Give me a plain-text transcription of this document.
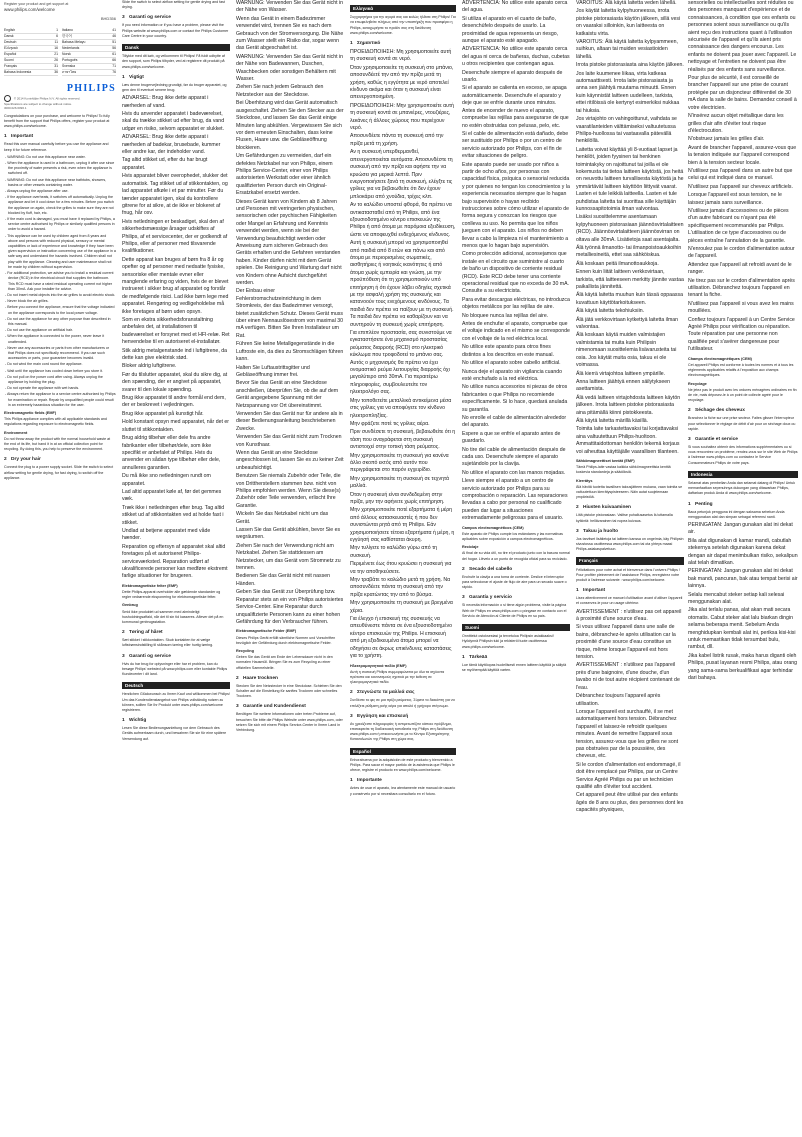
Register your product and get support at
www.philips.com/welcome
BHD356
English	1 Italiano	41
Dansk	6 한국어	46
Deutsch	11 Bahasa Melayu	51
Ελληνικά	16 Nederlands	56
Español	21 Norsk	61
Suomi	26 Português	66
Français	31 Svenska	71
Bahasa Indonesia	36 ภาษาไทย	76
PHILIPS
© 2014 Koninklijke Philips N.V. All rights reserved.
Specifications are subject to change without notice.
3000.026.6096.1
Congratulations on your purchase, and welcome to Philips! To fully benefit from the support that Philips offers, register your product at www.philips.com/welcome.
1 Important
Read this user manual carefully before you use the appliance and keep it for future reference.
- WARNING: Do not use this appliance near water.
- When the appliance is used in a bathroom, unplug it after use since the proximity of water presents a risk, even when the appliance is switched off.
- WARNING: Do not use this appliance near bathtubs, showers, basins or other vessels containing water.
- Always unplug the appliance after use.
- If the appliance overheats, it switches off automatically. Unplug the appliance and let it cool down for a few minutes. Before you switch the appliance on again, check the grilles to make sure they are not blocked by fluff, hair, etc.
- If the main cord is damaged, you must have it replaced by Philips, a service centre authorised by Philips or similarly qualified persons in order to avoid a hazard.
- This appliance can be used by children aged from 8 years and above and persons with reduced physical, sensory or mental capabilities or lack of experience and knowledge if they have been given supervision or instruction concerning use of the appliance in a safe way and understand the hazards involved. Children shall not play with the appliance. Cleaning and user maintenance shall not be made by children without supervision.
- For additional protection, we advise you to install a residual current device (RCD) in the electrical circuit that supplies the bathroom. This RCD must have a rated residual operating current not higher than 30mA. Ask your installer for advice.
- Do not insert metal objects into the air grilles to avoid electric shock.
- Never block the air grilles.
- Before you connect the appliance, ensure that the voltage indicated on the appliance corresponds to the local power voltage.
- Do not use the appliance for any other purpose than described in this manual.
- Do not use the appliance on artificial hair.
- When the appliance is connected to the power, never leave it unattended.
- Never use any accessories or parts from other manufacturers or that Philips does not specifically recommend. If you use such accessories or parts, your guarantee becomes invalid.
- Do not wind the main cord round the appliance.
- Wait until the appliance has cooled down before you store it.
- Do not pull on the power cord after using. Always unplug the appliance by holding the plug.
- Do not operate the appliance with wet hands.
- Always return the appliance to a service centre authorized by Philips for examination or repair. Repair by unqualified people could result in an extremely hazardous situation for the user.
Electromagnetic fields (EMF)
This Philips appliance complies with all applicable standards and regulations regarding exposure to electromagnetic fields.
Environment
Do not throw away the product with the normal household waste at the end of its life, but hand it in at an official collection point for recycling. By doing this, you help to preserve the environment.
2 Dry your hair
Connect the plug to a power supply socket. Slide the switch to select airflow setting for gentle drying, for fast drying, to switch off the appliance.
Slide the switch to select airflow setting for gentle drying and fast drying.
3 Garanti og service
If you need information or if you have a problem, please visit the Philips website at www.philips.com or contact the Philips Customer Care Centre in your country.
Dansk
Tillykke med dit køb, og velkommen til Philips! Få fuldt udbytte af den support, som Philips tilbyder, ved at registrere dit produkt på www.philips.com/welcome.
1 Vigtigt
Læs denne brugervejledning grundigt, før du bruger apparatet, og gem den til eventuel senere brug.
ADVARSEL: Brug ikke dette apparat i nærheden af vand.
Hvis du anvender apparatet i badeværelset, skal du trække stikket ud efter brug, da vand udgør en risiko, selvom apparatet er slukket.
ADVARSEL: Brug ikke dette apparat i nærheden af badekar, brusebade, kummer eller andre kar, der indeholder vand.
Tag altid stikket ud, efter du har brugt apparatet.
Hvis apparatet bliver overophedet, slukker det automatisk. Tag stikket ud af stikkontakten, og lad apparatet afkøle i et par minutter. Før du tænder apparatet igen, skal du kontrollere gitrene for at sikre, at de ikke er blokeret af fnug, hår osv.
Hvis netledningen er beskadiget, skal den af sikkerhedsmæssige årsager udskiftes af Philips, af et servicecenter, der er godkendt af Philips, eller af personer med tilsvarende kvalifikationer.
Dette apparat kan bruges af børn fra 8 år og opefter og af personer med nedsatte fysiske, sensoriske eller mentale evner eller manglende erfaring og viden, hvis de er blevet instrueret i sikker brug af apparatet og forstår de medfølgende risici. Lad ikke børn lege med apparatet. Rengøring og vedligeholdelse må ikke foretages af børn uden opsyn.
Som en ekstra sikkerhedsforanstaltning anbefales det, at installationen til badeværelset er forsynet med et HFI-relæ. Ret henvendelse til en autoriseret el-installatør.
Stik aldrig metalgenstande ind i luftgitrene, da dette kan give elektrisk stød.
Bloker aldrig luftgitrene.
Før du tilslutter apparatet, skal du sikre dig, at den spænding, der er angivet på apparatet, svarer til den lokale spænding.
Brug ikke apparatet til andre formål end dem, der er beskrevet i vejledningen.
Brug ikke apparatet på kunstigt hår.
Hold konstant opsyn med apparatet, når det er sluttet til stikkontakten.
Brug aldrig tilbehør eller dele fra andre fabrikanter eller tilbehør/dele, som ikke specifikt er anbefalet af Philips. Hvis du anvender en sådan type tilbehør eller dele, annulleres garantien.
Du må ikke sno netledningen rundt om apparatet.
Lad altid apparatet køle af, før det gemmes væk.
Træk ikke i netledningen efter brug. Tag altid stikket ud af stikkontakten ved at holde fast i stikket.
Undlad at betjene apparatet med våde hænder.
Reparation og eftersyn af apparatet skal altid foretages på et autoriseret Philips-serviceværksted. Reparation udført af ukvalificerede personer kan medføre ekstremt farlige situationer for brugeren.
Elektromagnetiske felter (EMF)
Dette Philips-apparat overholder alle gældende standarder og regler vedrørende eksponering for elektromagnetiske felter.
Genbrug
Smid ikke produktet ud sammen med almindeligt husholdningsaffald, når det til sin tid kasseres. Aflever det på en kommunal genbrugsstation.
2 Tøring af håret
Sæt stikket i stikkontakten. Skub kontakten for at vælge luftstrømsindstilling til skånsom tørring eller hurtig tørring.
3 Garanti og service
Hvis du har brug for oplysninger eller har et problem, kan du besøge Philips' websted på www.philips.com eller kontakte Philips Kundecenter i dit land.
Deutsch
Herzlichen Glückwunsch zu Ihrem Kauf und willkommen bei Philips! Um das Kundendienstangebot von Philips vollständig nutzen zu können, sollten Sie Ihr Produkt unter www.philips.com/welcome registrieren.
1 Wichtig
Lesen Sie diese Bedienungsanleitung vor dem Gebrauch des Geräts aufmerksam durch, und bewahren Sie sie für eine spätere Verwendung auf.
WARNUNG: Verwenden Sie das Gerät nicht in der Nähe von Wasser.
Wenn das Gerät in einem Badezimmer verwendet wird, trennen Sie es nach dem Gebrauch von der Stromversorgung. Die Nähe zum Wasser stellt ein Risiko dar, sogar wenn das Gerät abgeschaltet ist.
WARNUNG: Verwenden Sie das Gerät nicht in der Nähe von Badewannen, Duschen, Waschbecken oder sonstigen Behältern mit Wasser.
Ziehen Sie nach jedem Gebrauch den Netzstecker aus der Steckdose.
Bei Überhitzung wird das Gerät automatisch ausgeschaltet. Ziehen Sie den Stecker aus der Steckdose, und lassen Sie das Gerät einige Minuten lang abkühlen. Vergewissern Sie sich vor dem erneuten Einschalten, dass keine Flusen, Haare usw. die Gebläseöffnung blockieren.
Um Gefährdungen zu vermeiden, darf ein defektes Netzkabel nur von Philips, einem Philips Service-Center, einer von Philips autorisierten Werkstatt oder einer ähnlich qualifizierten Person durch ein Original-Ersatzkabel ersetzt werden.
Dieses Gerät kann von Kindern ab 8 Jahren und Personen mit verringerten physischen, sensorischen oder psychischen Fähigkeiten oder Mangel an Erfahrung und Kenntnis verwendet werden, wenn sie bei der Verwendung beaufsichtigt werden oder Anweisung zum sicheren Gebrauch des Geräts erhalten und die Gefahren verstanden haben. Kinder dürfen nicht mit dem Gerät spielen. Die Reinigung und Wartung darf nicht von Kindern ohne Aufsicht durchgeführt werden.
Der Einbau einer Fehlerstromschutzeinrichtung in dem Stromkreis, der das Badezimmer versorgt, bietet zusätzlichen Schutz. Dieses Gerät muss über einen Nennauslösestrom von maximal 30 mA verfügen. Bitten Sie Ihren Installateur um Rat.
Führen Sie keine Metallgegenstände in die Luftroste ein, da dies zu Stromschlägen führen kann.
Halten Sie Luftaustrittsgitter und Gebläseöffnung immer frei.
Bevor Sie das Gerät an eine Steckdose anschließen, überprüfen Sie, ob die auf dem Gerät angegebene Spannung mit der Netzspannung vor Ort übereinstimmt.
Verwenden Sie das Gerät nur für andere als in dieser Bedienungsanleitung beschriebenen Zwecke.
Verwenden Sie das Gerät nicht zum Trocknen von Kunsthaar.
Wenn das Gerät an eine Steckdose angeschlossen ist, lassen Sie es zu keiner Zeit unbeaufsichtigt.
Benutzen Sie niemals Zubehör oder Teile, die von Drittherstellern stammen bzw. nicht von Philips empfohlen werden. Wenn Sie diese(s) Zubehör oder Teile verwenden, erlischt Ihre Garantie.
Wickeln Sie das Netzkabel nicht um das Gerät.
Lassen Sie das Gerät abkühlen, bevor Sie es wegräumen.
Ziehen Sie nach der Verwendung nicht am Netzkabel. Ziehen Sie stattdessen am Netzstecker, um das Gerät vom Stromnetz zu trennen.
Bedienen Sie das Gerät nicht mit nassen Händen.
Geben Sie das Gerät zur Überprüfung bzw. Reparatur stets an ein von Philips autorisiertes Service-Center. Eine Reparatur durch unqualifizierte Personen kann zu einer hohen Gefährdung für den Verbraucher führen.
Elektromagnetische Felder (EMF)
Dieses Philips Gerät erfüllt sämtliche Normen und Vorschriften bezüglich der Gefährdung durch elektromagnetische Felder.
Recycling
Geben Sie das Gerät am Ende der Lebensdauer nicht in den normalen Hausmüll. Bringen Sie es zum Recycling zu einer offiziellen Sammelstelle.
2 Haare trocknen
Stecken Sie den Netzstecker in eine Steckdose. Schieben Sie den Schalter auf die Einstellung für sanftes Trocknen oder schnelles Trocknen.
3 Garantie und Kundendienst
Benötigen Sie weitere Informationen oder treten Probleme auf, besuchen Sie bitte die Philips Website unter www.philips.com, oder setzen Sie sich mit einem Philips Service-Center in Ihrem Land in Verbindung.
Ελληνικά
Συγχαρητήρια για την αγορά σας και καλώς ήλθατε στη Philips! Για να επωφεληθείτε πλήρως από την υποστήριξη που προσφέρει η Philips, καταχωρήστε το προϊόν σας στη διεύθυνση www.philips.com/welcome.
1 Σημαντικό
ΠΡΟΕΙΔΟΠΟΙΗΣΗ: Μη χρησιμοποιείτε αυτή τη συσκευή κοντά σε νερό.
Όταν χρησιμοποιείτε τη συσκευή στο μπάνιο, αποσυνδέετέ την από την πρίζα μετά τη χρήση, καθώς η εγγύτητα με νερό αποτελεί κίνδυνο ακόμα και όταν η συσκευή είναι απενεργοποιημένη.
ΠΡΟΕΙΔΟΠΟΙΗΣΗ: Μην χρησιμοποιείτε αυτή τη συσκευή κοντά σε μπανιέρες, ντουζιέρες, λεκάνες ή άλλους χώρους που περιέχουν νερό.
Αποσυνδέετε πάντα τη συσκευή από την πρίζα μετά τη χρήση.
Αν η συσκευή υπερθερμανθεί, απενεργοποιείται αυτόματα. Αποσυνδέστε τη συσκευή από την πρίζα και αφήστε την να κρυώσει για μερικά λεπτά. Πριν ενεργοποιήσετε ξανά τη συσκευή, ελέγξτε τις γρίλιες για να βεβαιωθείτε ότι δεν έχουν μπλοκάρει από χνούδια, τρίχες κλπ.
Αν το καλώδιο υποστεί φθορά, θα πρέπει να αντικατασταθεί από τη Philips, από ένα εξουσιοδοτημένο κέντρο επισκευών της Philips ή από άτομα με παρόμοια εξειδίκευση, ώστε να αποφευχθεί ενδεχόμενος κίνδυνος.
Αυτή η συσκευή μπορεί να χρησιμοποιηθεί από παιδιά από 8 ετών και πάνω και από άτομα με περιορισμένες σωματικές, αισθητήριες ή νοητικές ικανότητες ή από άτομα χωρίς εμπειρία και γνώση, με την προϋπόθεση ότι τη χρησιμοποιούν υπό επιτήρηση ή ότι έχουν λάβει οδηγίες σχετικά με την ασφαλή χρήση της συσκευής και κατανοούν τους ενεχόμενους κινδύνους. Τα παιδιά δεν πρέπει να παίζουν με τη συσκευή. Τα παιδιά δεν πρέπει να καθαρίζουν και να συντηρούν τη συσκευή χωρίς επιτήρηση.
Για επιπλέον προστασία, σας συνιστούμε να εγκαταστήσετε ένα μηχανισμό προστασίας ρεύματος διαρροής (RCD) στο ηλεκτρικό κύκλωμα που τροφοδοτεί το μπάνιο σας. Αυτός ο μηχανισμός θα πρέπει να έχει ονομαστικό ρεύμα λειτουργίας διαρροής όχι μεγαλύτερο από 30mA. Για περαιτέρω πληροφορίες, συμβουλευτείτε τον ηλεκτρολόγο σας.
Μην τοποθετείτε μεταλλικά αντικείμενα μέσα στις γρίλιες για να αποφύγετε τον κίνδυνο ηλεκτροπληξίας.
Μην φράζετε ποτέ τις γρίλιες αέρα.
Πριν συνδέσετε τη συσκευή, βεβαιωθείτε ότι η τάση που αναγράφεται στη συσκευή αντιστοιχεί στην τοπική τάση ρεύματος.
Μην χρησιμοποιείτε τη συσκευή για κανένα άλλο σκοπό εκτός από αυτόν που περιγράφεται στο παρόν εγχειρίδιο.
Μην χρησιμοποιείτε τη συσκευή σε τεχνητά μαλλιά.
Όταν η συσκευή είναι συνδεδεμένη στην πρίζα, μην την αφήνετε χωρίς επιτήρηση.
Μην χρησιμοποιείτε ποτέ εξαρτήματα ή μέρη από άλλους κατασκευαστές ή που δεν συνιστώνται ρητά από τη Philips. Εάν χρησιμοποιήσετε τέτοια εξαρτήματα ή μέρη, η εγγύησή σας καθίσταται άκυρη.
Μην τυλίγετε το καλώδιο γύρω από τη συσκευή.
Περιμένετε έως ότου κρυώσει η συσκευή για να την αποθηκεύσετε.
Μην τραβάτε το καλώδιο μετά τη χρήση. Να αποσυνδέετε πάντα τη συσκευή από την πρίζα κρατώντας την από το βύσμα.
Μην χρησιμοποιείτε τη συσκευή με βρεγμένα χέρια.
Για έλεγχο ή επισκευή της συσκευής να απευθύνεστε πάντα σε ένα εξουσιοδοτημένο κέντρο επισκευών της Philips. Η επισκευή από μη εξειδικευμένα άτομα μπορεί να οδηγήσει σε άκρως επικίνδυνες καταστάσεις για το χρήστη.
Ηλεκτρομαγνητικά πεδία (EMF)
Αυτή η συσκευή Philips συμμορφώνεται με όλα τα ισχύοντα πρότυπα και κανονισμούς σχετικά με την έκθεση σε ηλεκτρομαγνητικά πεδία.
2 Στεγνώστε τα μαλλιά σας
Συνδέστε το φις σε μια πρίζα ρεύματος. Σύρετε το διακόπτη για να επιλέξετε ρύθμιση ροής αέρα για απαλό ή γρήγορο στέγνωμα.
3 Εγγύηση και επισκευή
Αν χρειάζεστε πληροφορίες ή αντιμετωπίζετε κάποιο πρόβλημα, επισκεφτείτε τη διαδικτυακή τοποθεσία της Philips στη διεύθυνση www.philips.com ή επικοινωνήστε με το Κέντρο Εξυπηρέτησης Καταναλωτών της Philips στη χώρα σας.
Español
Enhorabuena por la adquisición de este producto y bienvenido a Philips. Para sacar el mayor partido de la asistencia que Philips le ofrece, registre el producto en www.philips.com/welcome.
1 Importante
Antes de usar el aparato, lea atentamente este manual de usuario y consérvelo por si necesitara consultarlo en el futuro.
ADVERTENCIA: No utilice este aparato cerca del agua.
Si utiliza el aparato en el cuarto de baño, desenchúfelo después de usarlo. La proximidad de agua representa un riesgo, aunque el aparato esté apagado.
ADVERTENCIA: No utilice este aparato cerca del agua ni cerca de bañeras, duchas, cubetas u otros recipientes que contengan agua.
Desenchufe siempre el aparato después de usarlo.
Si el aparato se calienta en exceso, se apaga automáticamente. Desenchufe el aparato y deje que se enfríe durante unos minutos. Antes de encender de nuevo el aparato, compruebe las rejillas para asegurarse de que no estén obstruidas con pelusas, pelo, etc.
Si el cable de alimentación está dañado, debe ser sustituido por Philips o por un centro de servicio autorizado por Philips, con el fin de evitar situaciones de peligro.
Este aparato puede ser usado por niños a partir de ocho años, por personas con capacidad física, psíquica o sensorial reducida y por quienes no tengan los conocimientos y la experiencia necesarios siempre que lo hagan bajo supervisión o hayan recibido instrucciones sobre cómo utilizar el aparato de forma segura y conozcan los riesgos que conlleva su uso. No permita que los niños jueguen con el aparato. Los niños no deben llevar a cabo la limpieza ni el mantenimiento a menos que lo hagan bajo supervisión.
Como protección adicional, aconsejamos que instale en el circuito que suministre al cuarto de baño un dispositivo de corriente residual (RCD). Este RCD debe tener una corriente operacional residual que no exceda de 30 mA. Consulte a su electricista.
Para evitar descargas eléctricas, no introduzca objetos metálicos por las rejillas de aire.
No bloquee nunca las rejillas del aire.
Antes de enchufar el aparato, compruebe que el voltaje indicado en el mismo se corresponde con el voltaje de la red eléctrica local.
No utilice este aparato para otros fines distintos a los descritos en este manual.
No utilice el aparato sobre cabello artificial.
Nunca deje el aparato sin vigilancia cuando esté enchufado a la red eléctrica.
No utilice nunca accesorios ni piezas de otros fabricantes o que Philips no recomiende específicamente. Si lo hace, quedará anulada su garantía.
No enrolle el cable de alimentación alrededor del aparato.
Espere a que se enfríe el aparato antes de guardarlo.
No tire del cable de alimentación después de cada uso. Desenchufe siempre el aparato sujetándolo por la clavija.
No utilice el aparato con las manos mojadas.
Lleve siempre el aparato a un centro de servicio autorizado por Philips para su comprobación o reparación. Las reparaciones llevadas a cabo por personal no cualificado pueden dar lugar a situaciones extremadamente peligrosas para el usuario.
Campos electromagnéticos (CEM)
Este aparato de Philips cumple los estándares y las normativas aplicables sobre exposición a campos electromagnéticos.
Reciclaje
Al final de su vida útil, no tire el producto junto con la basura normal del hogar. Llévelo a un punto de recogida oficial para su reciclado.
2 Secado del cabello
Enchufe la clavija a una toma de corriente. Deslice el interruptor para seleccionar el ajuste de flujo de aire para un secado suave o rápido.
3 Garantía y servicio
Si necesita información o si tiene algún problema, visite la página Web de Philips en www.philips.com o póngase en contacto con el Servicio de Atención al Cliente de Philips en su país.
Suomi
Onnittelut ostoksestasi ja tervetuloa Philipsin asiakkaaksi! Hyödynnä Philipsin tuki ja rekisteröi tuote osoitteessa www.philips.com/welcome.
1 Tärkeää
Lue tämä käyttöopas huolellisesti ennen laitteen käyttöä ja säilytä se myöhempää käyttöä varten.
VAROITUS: Älä käytä laitetta veden lähellä.
Jos käytät laitetta kylpyhuoneessa, irrota pistoke pistorasiasta käytön jälkeen, sillä vesi on vaaraksi silloinkin, kun laitteesta on katkaistu virta.
VAROITUS: Älä käytä laitetta kylpyammeen, suihkun, altaan tai muiden vesiastioiden lähellä.
Irrota pistoke pistorasiasta aina käytön jälkeen.
Jos laite kuumenee liikaa, virta katkeaa automaattisesti. Irrota laite pistorasiasta ja anna sen jäähtyä muutama minuutti. Ennen kuin käynnistät laitteen uudelleen, tarkista, ettei ritilöissä ole kertynyt esimerkiksi nukkaa tai hiuksia.
Jos virtajohto on vahingoittunut, vaihdata se vaaratilanteiden välttämiseksi valtuutetussa Philips-huollossa tai vastaavalla pätevällä henkilöllä.
Laitetta voivat käyttää yli 8-vuotiaat lapset ja henkilöt, joiden fyysinen tai henkinen toimintakyky on rajoittunut tai joilla ei ole kokemusta tai tietoa laitteen käytöstä, jos heitä on neuvottu laitteen turvallisesta käytöstä ja he ymmärtävät laitteen käyttöön liittyvät vaarat. Lasten ei tule leikkiä laitteella. Lasten ei tule puhdistaa laitetta tai suorittaa sille käyttäjän kunnossapitotoimia ilman valvontaa.
Lisäksi suosittelemme asentamaan kylpyhuoneen pistorasiaan jäännösvirtalaitteen (RCD). Jäännösvirtalaitteen jäännösvirran on oltava alle 30mA. Lisätietoja saat asentajalta.
Älä työnnä ilmanotto- tai ilmanpoistoaukkoihin metalliesineitä, ettet saa sähköiskua.
Älä koskaan peitä ilmanottoaukkoja.
Ennen kuin liität laitteen verkkovirtaan, tarkista, että laitteeseen merkitty jännite vastaa paikallista jännitettä.
Älä käytä laitetta muuhun kuin tässä oppaassa kuvattuun käyttötarkoitukseen.
Älä käytä laitetta tekohiuksiin.
Älä jätä verkkovirtaan kytkettyä laitetta ilman valvontaa.
Älä koskaan käytä muiden valmistajien valmistamia tai muita kuin Philipsin nimenomaan suosittelemia lisävarusteita tai osia. Jos käytät muita osia, takuu ei ole voimassa.
Älä kierrä virtajohtoa laitteen ympärille.
Anna laitteen jäähtyä ennen säilytykseen asettamista.
Älä vedä laitteen virtajohdosta laitteen käytön jälkeen. Irrota laitteen pistoke pistorasiasta aina pitämällä kiinni pistokkeesta.
Älä käytä laitetta märillä käsillä.
Toimita laite tarkastettavaksi tai korjattavaksi aina valtuutettuun Philips-huoltoon. Ammattitaidottoman henkilön tekemä korjaus voi aiheuttaa käyttäjälle vaarallisen tilanteen.
Sähkömagneettiset kentät (EMF)
Tämä Philips-laite vastaa kaikkia sähkömagneettisia kenttiä koskevia standardeja ja säädöksiä.
Kierrätys
Älä hävitä tuotetta tavallisen talousjätteen mukana, vaan toimita se valtuutettuun kierrätyspisteeseen. Näin autat suojelemaan ympäristöä.
2 Hiusten kuivaaminen
Liitä pistoke pistorasiaan. Valitse puhallusasetus liu'uttamalla kytkintä: hellävarainen tai nopea kuivaus.
3 Takuu ja huolto
Jos tarvitset lisätietoja tai laitteen kanssa on ongelmia, käy Philipsin sivustossa osoitteessa www.philips.com tai ota yhteys maasi Philips-asiakaspalveluun.
Français
Félicitations pour votre achat et bienvenue dans l'univers Philips ! Pour profiter pleinement de l'assistance Philips, enregistrez votre produit à l'adresse suivante : www.philips.com/welcome.
1 Important
Lisez attentivement ce manuel d'utilisation avant d'utiliser l'appareil et conservez-le pour un usage ultérieur.
AVERTISSEMENT : n'utilisez pas cet appareil à proximité d'une source d'eau.
Si vous utilisez l'appareil dans une salle de bains, débranchez-le après utilisation car la proximité d'une source d'eau constitue un risque, même lorsque l'appareil est hors tension.
AVERTISSEMENT : n'utilisez pas l'appareil près d'une baignoire, d'une douche, d'un lavabo ni de tout autre récipient contenant de l'eau.
Débranchez toujours l'appareil après utilisation.
Lorsque l'appareil est surchauffé, il se met automatiquement hors tension. Débranchez l'appareil et laissez-le refroidir quelques minutes. Avant de remettre l'appareil sous tension, assurez-vous que les grilles ne sont pas obstruées par de la poussière, des cheveux, etc.
Si le cordon d'alimentation est endommagé, il doit être remplacé par Philips, par un Centre Service Agréé Philips ou par un technicien qualifié afin d'éviter tout accident.
Cet appareil peut être utilisé par des enfants âgés de 8 ans ou plus, des personnes dont les capacités physiques,
sensorielles ou intellectuelles sont réduites ou des personnes manquant d'expérience et de connaissances, à condition que ces enfants ou personnes soient sous surveillance ou qu'ils aient reçu des instructions quant à l'utilisation sécurisée de l'appareil et qu'ils aient pris connaissance des dangers encourus. Les enfants ne doivent pas jouer avec l'appareil. Le nettoyage et l'entretien ne doivent pas être réalisés par des enfants sans surveillance.
Pour plus de sécurité, il est conseillé de brancher l'appareil sur une prise de courant protégée par un disjoncteur différentiel de 30 mA dans la salle de bains. Demandez conseil à votre électricien.
N'insérez aucun objet métallique dans les grilles d'air afin d'éviter tout risque d'électrocution.
N'obstruez jamais les grilles d'air.
Avant de brancher l'appareil, assurez-vous que la tension indiquée sur l'appareil correspond bien à la tension secteur locale.
N'utilisez pas l'appareil dans un autre but que celui qui est indiqué dans ce manuel.
N'utilisez pas l'appareil sur cheveux artificiels.
Lorsque l'appareil est sous tension, ne le laissez jamais sans surveillance.
N'utilisez jamais d'accessoires ou de pièces d'un autre fabricant ou n'ayant pas été spécifiquement recommandés par Philips. L'utilisation de ce type d'accessoires ou de pièces entraîne l'annulation de la garantie.
N'enroulez pas le cordon d'alimentation autour de l'appareil.
Attendez que l'appareil ait refroidi avant de le ranger.
Ne tirez pas sur le cordon d'alimentation après utilisation. Débranchez toujours l'appareil en tenant la fiche.
N'utilisez pas l'appareil si vous avez les mains mouillées.
Confiez toujours l'appareil à un Centre Service Agréé Philips pour vérification ou réparation. Toute réparation par une personne non qualifiée peut s'avérer dangereuse pour l'utilisateur.
Champs électromagnétiques (CEM)
Cet appareil Philips est conforme à toutes les normes et à tous les règlements applicables relatifs à l'exposition aux champs électromagnétiques.
Recyclage
Ne jetez pas le produit avec les ordures ménagères ordinaires en fin de vie, mais déposez-le à un point de collecte agréé pour le recyclage.
2 Séchage des cheveux
Branchez la fiche sur une prise secteur. Faites glisser l'interrupteur pour sélectionner le réglage de débit d'air pour un séchage doux ou rapide.
3 Garantie et service
Si vous souhaitez obtenir des informations supplémentaires ou si vous rencontrez un problème, rendez-vous sur le site Web de Philips à l'adresse www.philips.com ou contactez le Service Consommateurs Philips de votre pays.
Indonesia
Selamat atas pembelian Anda dan selamat datang di Philips! Untuk memanfaatkan sepenuhnya dukungan yang ditawarkan Philips, daftarkan produk Anda di www.philips.com/welcome.
1 Penting
Baca petunjuk pengguna ini dengan saksama sebelum Anda menggunakan alat dan simpan sebagai referensi nanti.
PERINGATAN: Jangan gunakan alat ini dekat air.
Bila alat digunakan di kamar mandi, cabutlah stekernya setelah digunakan karena dekat dengan air dapat menimbulkan risiko, sekalipun alat telah dimatikan.
PERINGATAN: Jangan gunakan alat ini dekat bak mandi, pancuran, bak atau tempat berisi air lainnya.
Selalu mencabut steker setiap kali selesai menggunakan alat.
Jika alat terlalu panas, alat akan mati secara otomatis. Cabut steker alat lalu biarkan dingin selama beberapa menit. Sebelum Anda menghidupkan kembali alat ini, periksa kisi-kisi untuk memastikan tidak tersumbat bulu, rambut, dll.
Jika kabel listrik rusak, maka harus diganti oleh Philips, pusat layanan resmi Philips, atau orang yang sama-sama berkualifikasi agar terhindar dari bahaya.
